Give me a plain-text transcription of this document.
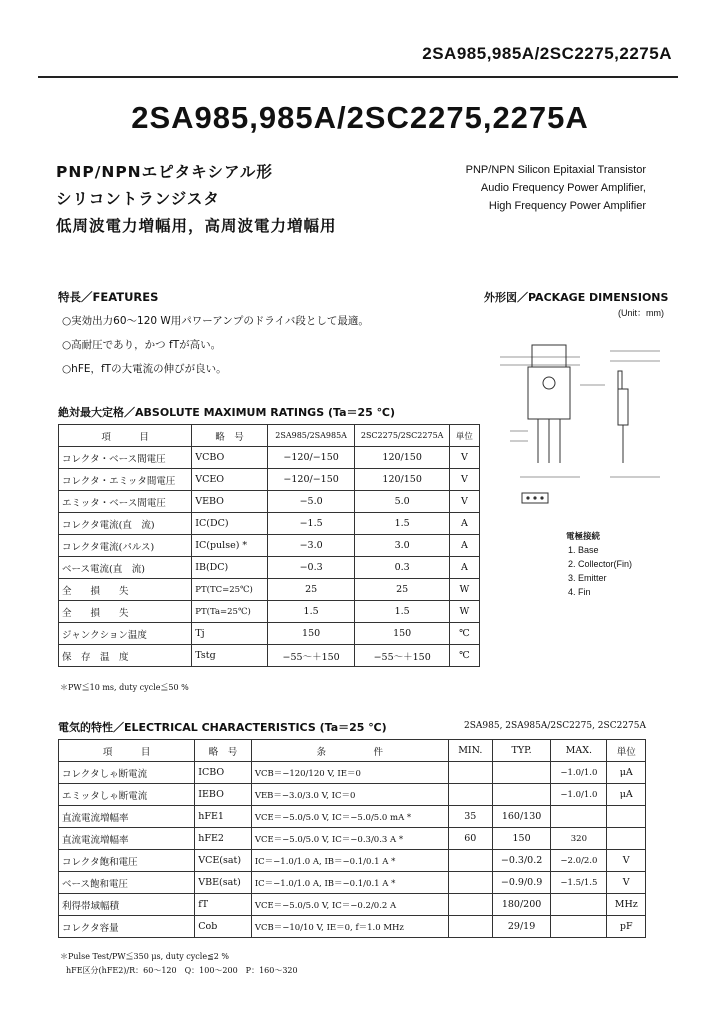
2SA985,985A/2SC2275,2275A
2SA985,985A/2SC2275,2275A
PNP/NPNエピタキシアル形
シリコントランジスタ
低周波電力増幅用，高周波電力増幅用
PNP/NPN Silicon Epitaxial Transistor
Audio Frequency Power Amplifier,
High Frequency Power Amplifier
特長／FEATURES
○実効出力60～120 W用パワーアンプのドライバ段として最適。
○高耐圧であり，かつ fTが高い。
○hFE，fTの大電流の伸びが良い。
外形図／PACKAGE DIMENSIONS
(Unit：mm)
電極接続
1. Base
2. Collector(Fin)
3. Emitter
4. Fin
絶対最大定格／ABSOLUTE MAXIMUM RATINGS (Ta＝25 ℃)
項　　　目	略　号	2SA985/2SA985A	2SC2275/2SC2275A	単位
コレクタ・ベース間電圧	VCBO	−120/−150	120/150	V
コレクタ・エミッタ間電圧	VCEO	−120/−150	120/150	V
エミッタ・ベース間電圧	VEBO	−5.0	5.0	V
コレクタ電流(直　流)	IC(DC)	−1.5	1.5	A
コレクタ電流(パルス)	IC(pulse) *	−3.0	3.0	A
ベース電流(直　流)	IB(DC)	−0.3	0.3	A
全　　損　　失	PT(TC=25℃)	25	25	W
全　　損　　失	PT(Ta=25℃)	1.5	1.5	W
ジャンクション温度	Tj	150	150	℃
保　存　温　度	Tstg	−55～＋150	−55～＋150	℃
＊PW≦10 ms, duty cycle≦50 %
電気的特性／ELECTRICAL CHARACTERISTICS (Ta＝25 ℃)	2SA985, 2SA985A/2SC2275, 2SC2275A
項　　　目	略　号	条　　　　　件	MIN.	TYP.	MAX.	単位
コレクタしゃ断電流	ICBO	VCB＝−120/120 V, IE＝0			−1.0/1.0	μA
エミッタしゃ断電流	IEBO	VEB＝−3.0/3.0 V, IC＝0			−1.0/1.0	μA
直流電流増幅率	hFE1	VCE＝−5.0/5.0 V, IC＝−5.0/5.0 mA *	35	160/130		
直流電流増幅率	hFE2	VCE＝−5.0/5.0 V, IC＝−0.3/0.3 A *	60	150	320	
コレクタ飽和電圧	VCE(sat)	IC＝−1.0/1.0 A, IB＝−0.1/0.1 A *		−0.3/0.2	−2.0/2.0	V
ベース飽和電圧	VBE(sat)	IC＝−1.0/1.0 A, IB＝−0.1/0.1 A *		−0.9/0.9	−1.5/1.5	V
利得帯域幅積	fT	VCE＝−5.0/5.0 V, IC＝−0.2/0.2 A		180/200		MHz
コレクタ容量	Cob	VCB＝−10/10 V, IE＝0, f＝1.0 MHz		29/19		pF
＊Pulse Test/PW≦350 μs, duty cycle≦2 %
hFE区分(hFE2)/R：60～120　Q：100～200　P：160～320
